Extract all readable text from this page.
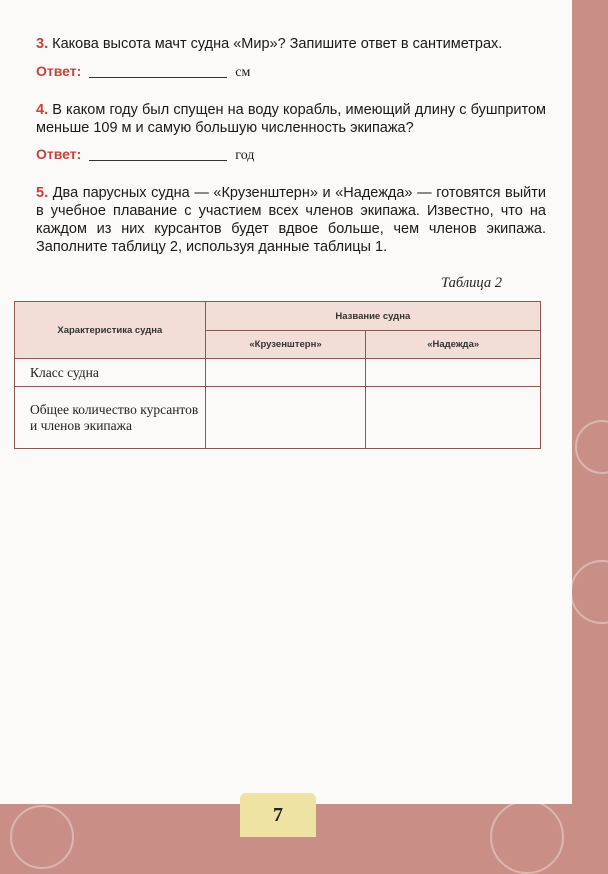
3. Какова высота мачт судна «Мир»? Запишите ответ в сантиметрах.
Ответ:	см
4. В каком году был спущен на воду корабль, имеющий длину с бушпритом меньше 109 м и самую большую численность экипажа?
Ответ:	год
5. Два парусных судна — «Крузенштерн» и «Надежда» — готовятся выйти в учебное плавание с участием всех членов экипажа. Известно, что на каждом из них курсантов будет вдвое больше, чем членов экипажа. Заполните таблицу 2, используя данные таблицы 1.
Таблица 2
Характеристика судна	Название судна	
	«Крузенштерн»	«Надежда»
Класс судна		
Общее количество курсантов и членов экипажа		
7
